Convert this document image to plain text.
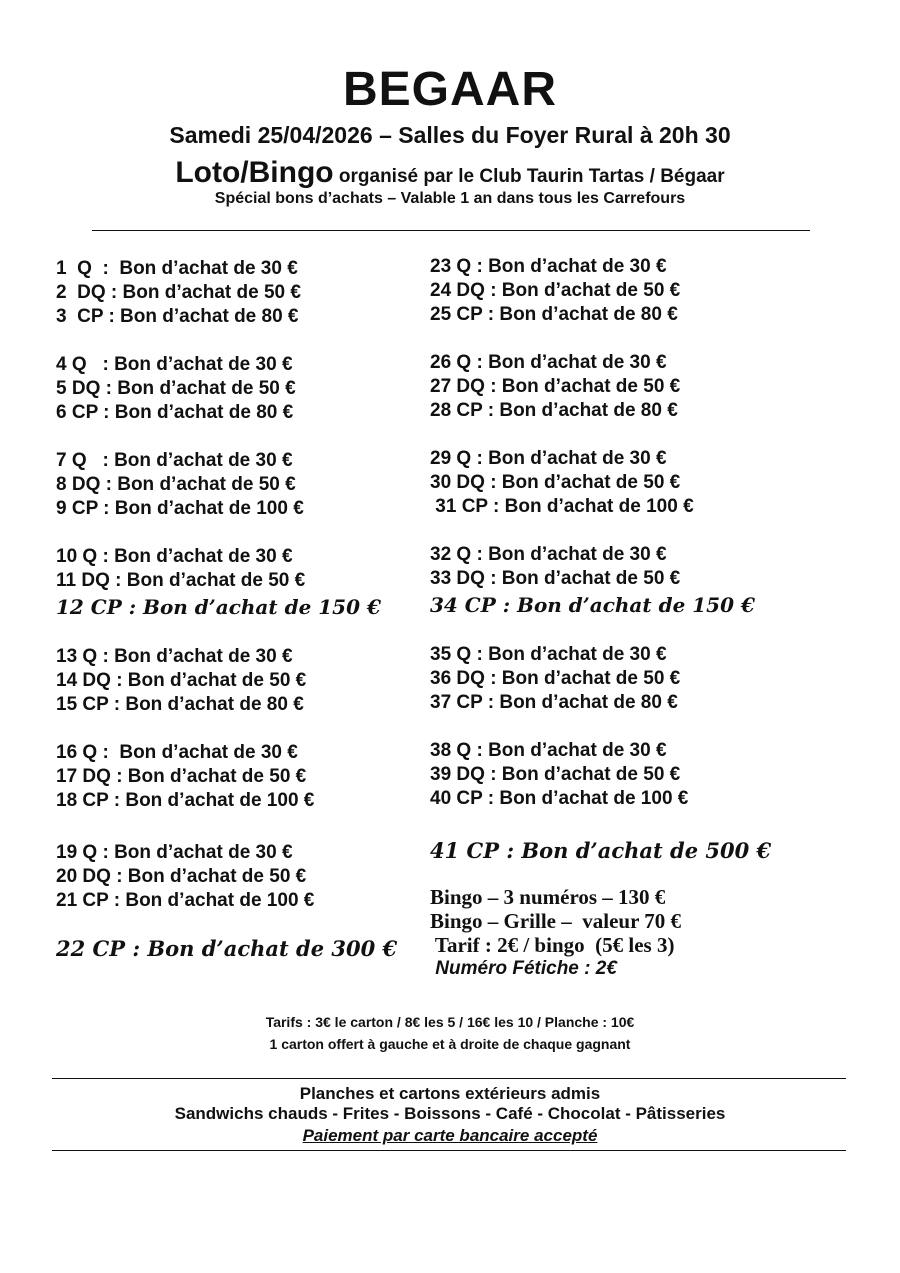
BEGAAR
Samedi 25/04/2026 – Salles du Foyer Rural à 20h 30
Loto/Bingo organisé par le Club Taurin Tartas / Bégaar
Spécial bons d’achats – Valable 1 an dans tous les Carrefours
1  Q  :  Bon d’achat de 30 €
2  DQ : Bon d’achat de 50 €
3  CP : Bon d’achat de 80 €
4 Q   : Bon d’achat de 30 €
5 DQ : Bon d’achat de 50 €
6 CP : Bon d’achat de 80 €
7 Q   : Bon d’achat de 30 €
8 DQ : Bon d’achat de 50 €
9 CP : Bon d’achat de 100 €
10 Q : Bon d’achat de 30 €
11 DQ : Bon d’achat de 50 €
12 CP : Bon d’achat de 150 €
13 Q : Bon d’achat de 30 €
14 DQ : Bon d’achat de 50 €
15 CP : Bon d’achat de 80 €
16 Q :  Bon d’achat de 30 €
17 DQ : Bon d’achat de 50 €
18 CP : Bon d’achat de 100 €
19 Q : Bon d’achat de 30 €
20 DQ : Bon d’achat de 50 €
21 CP : Bon d’achat de 100 €
22 CP : Bon d’achat de 300 €
23 Q : Bon d’achat de 30 €
24 DQ : Bon d’achat de 50 €
25 CP : Bon d’achat de 80 €
26 Q : Bon d’achat de 30 €
27 DQ : Bon d’achat de 50 €
28 CP : Bon d’achat de 80 €
29 Q : Bon d’achat de 30 €
30 DQ : Bon d’achat de 50 €
31 CP : Bon d’achat de 100 €
32 Q : Bon d’achat de 30 €
33 DQ : Bon d’achat de 50 €
34 CP : Bon d’achat de 150 €
35 Q : Bon d’achat de 30 €
36 DQ : Bon d’achat de 50 €
37 CP : Bon d’achat de 80 €
38 Q : Bon d’achat de 30 €
39 DQ : Bon d’achat de 50 €
40 CP : Bon d’achat de 100 €
41 CP : Bon d’achat de 500 €
Bingo – 3 numéros – 130 €
Bingo – Grille –  valeur 70 €
Tarif : 2€ / bingo  (5€ les 3)
Numéro Fétiche : 2€
Tarifs : 3€ le carton / 8€ les 5 / 16€ les 10 / Planche : 10€
1 carton offert à gauche et à droite de chaque gagnant
Planches et cartons extérieurs admis
Sandwichs chauds - Frites - Boissons - Café - Chocolat - Pâtisseries
Paiement par carte bancaire accepté
